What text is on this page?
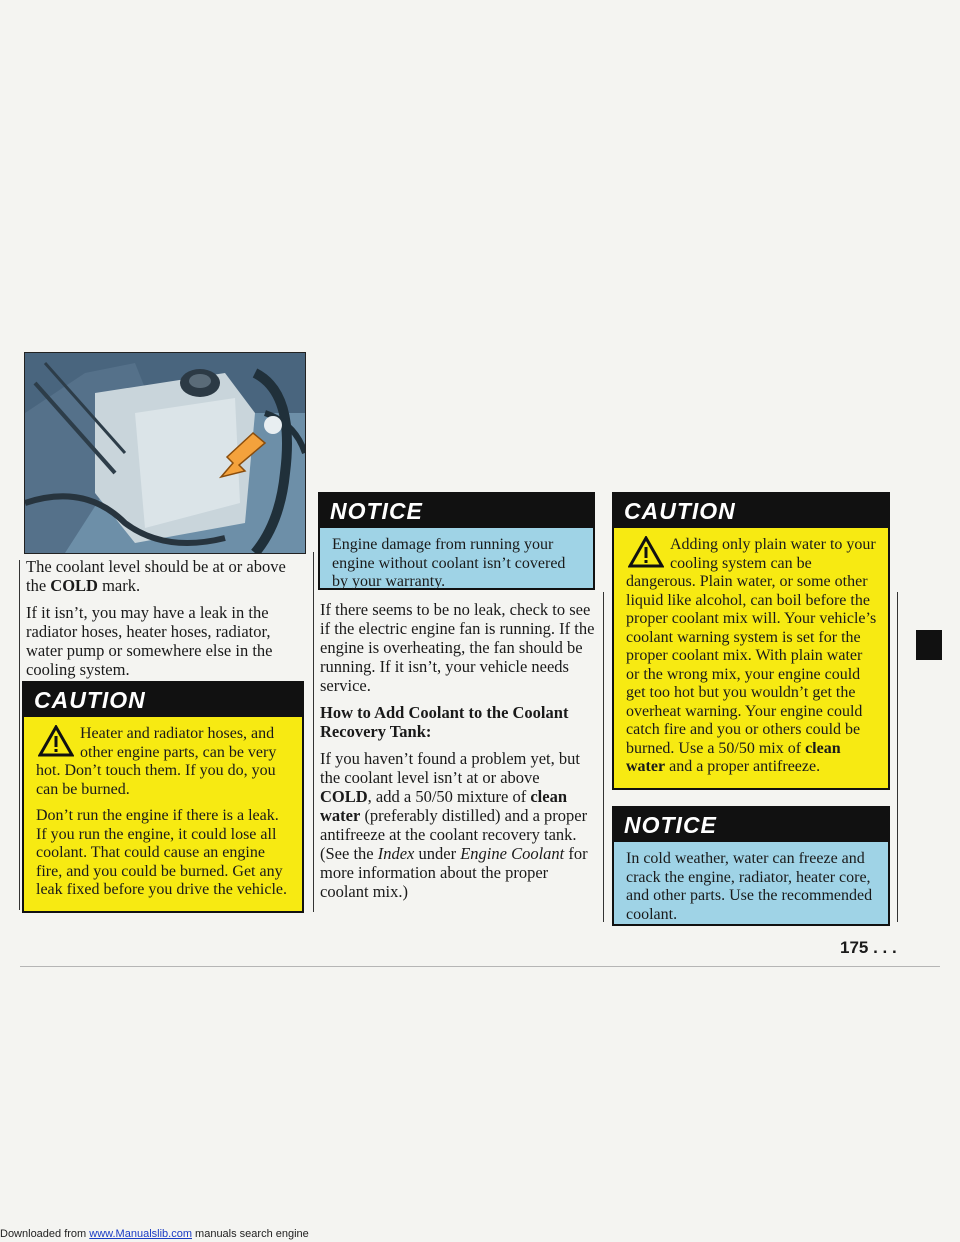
The coolant level should be at or above the COLD mark.

If it isn’t, you may have a leak in the radiator hoses, heater hoses, radiator, water pump or somewhere else in the cooling system.

CAUTION

Heater and radiator hoses, and other engine parts, can be very hot. Don’t touch them. If you do, you can be burned.

Don’t run the engine if there is a leak. If you run the engine, it could lose all coolant. That could cause an engine fire, and you could be burned. Get any leak fixed before you drive the vehicle.

NOTICE

Engine damage from running your engine without coolant isn’t covered by your warranty.

If there seems to be no leak, check to see if the electric engine fan is running. If the engine is overheating, the fan should be running. If it isn’t, your vehicle needs service.

How to Add Coolant to the Coolant Recovery Tank:

If you haven’t found a problem yet, but the coolant level isn’t at or above COLD, add a 50/50 mixture of clean water (preferably distilled) and a proper antifreeze at the coolant recovery tank. (See the Index under Engine Coolant for more information about the proper coolant mix.)

CAUTION

Adding only plain water to your cooling system can be dangerous. Plain water, or some other liquid like alcohol, can boil before the proper coolant mix will. Your vehicle’s coolant warning system is set for the proper coolant mix. With plain water or the wrong mix, your engine could get too hot but you wouldn’t get the overheat warning. Your engine could catch fire and you or others could be burned. Use a 50/50 mix of clean water and a proper antifreeze.

NOTICE

In cold weather, water can freeze and crack the engine, radiator, heater core, and other parts. Use the recommended coolant.

175 . . .
Downloaded from www.Manualslib.com manuals search engine
